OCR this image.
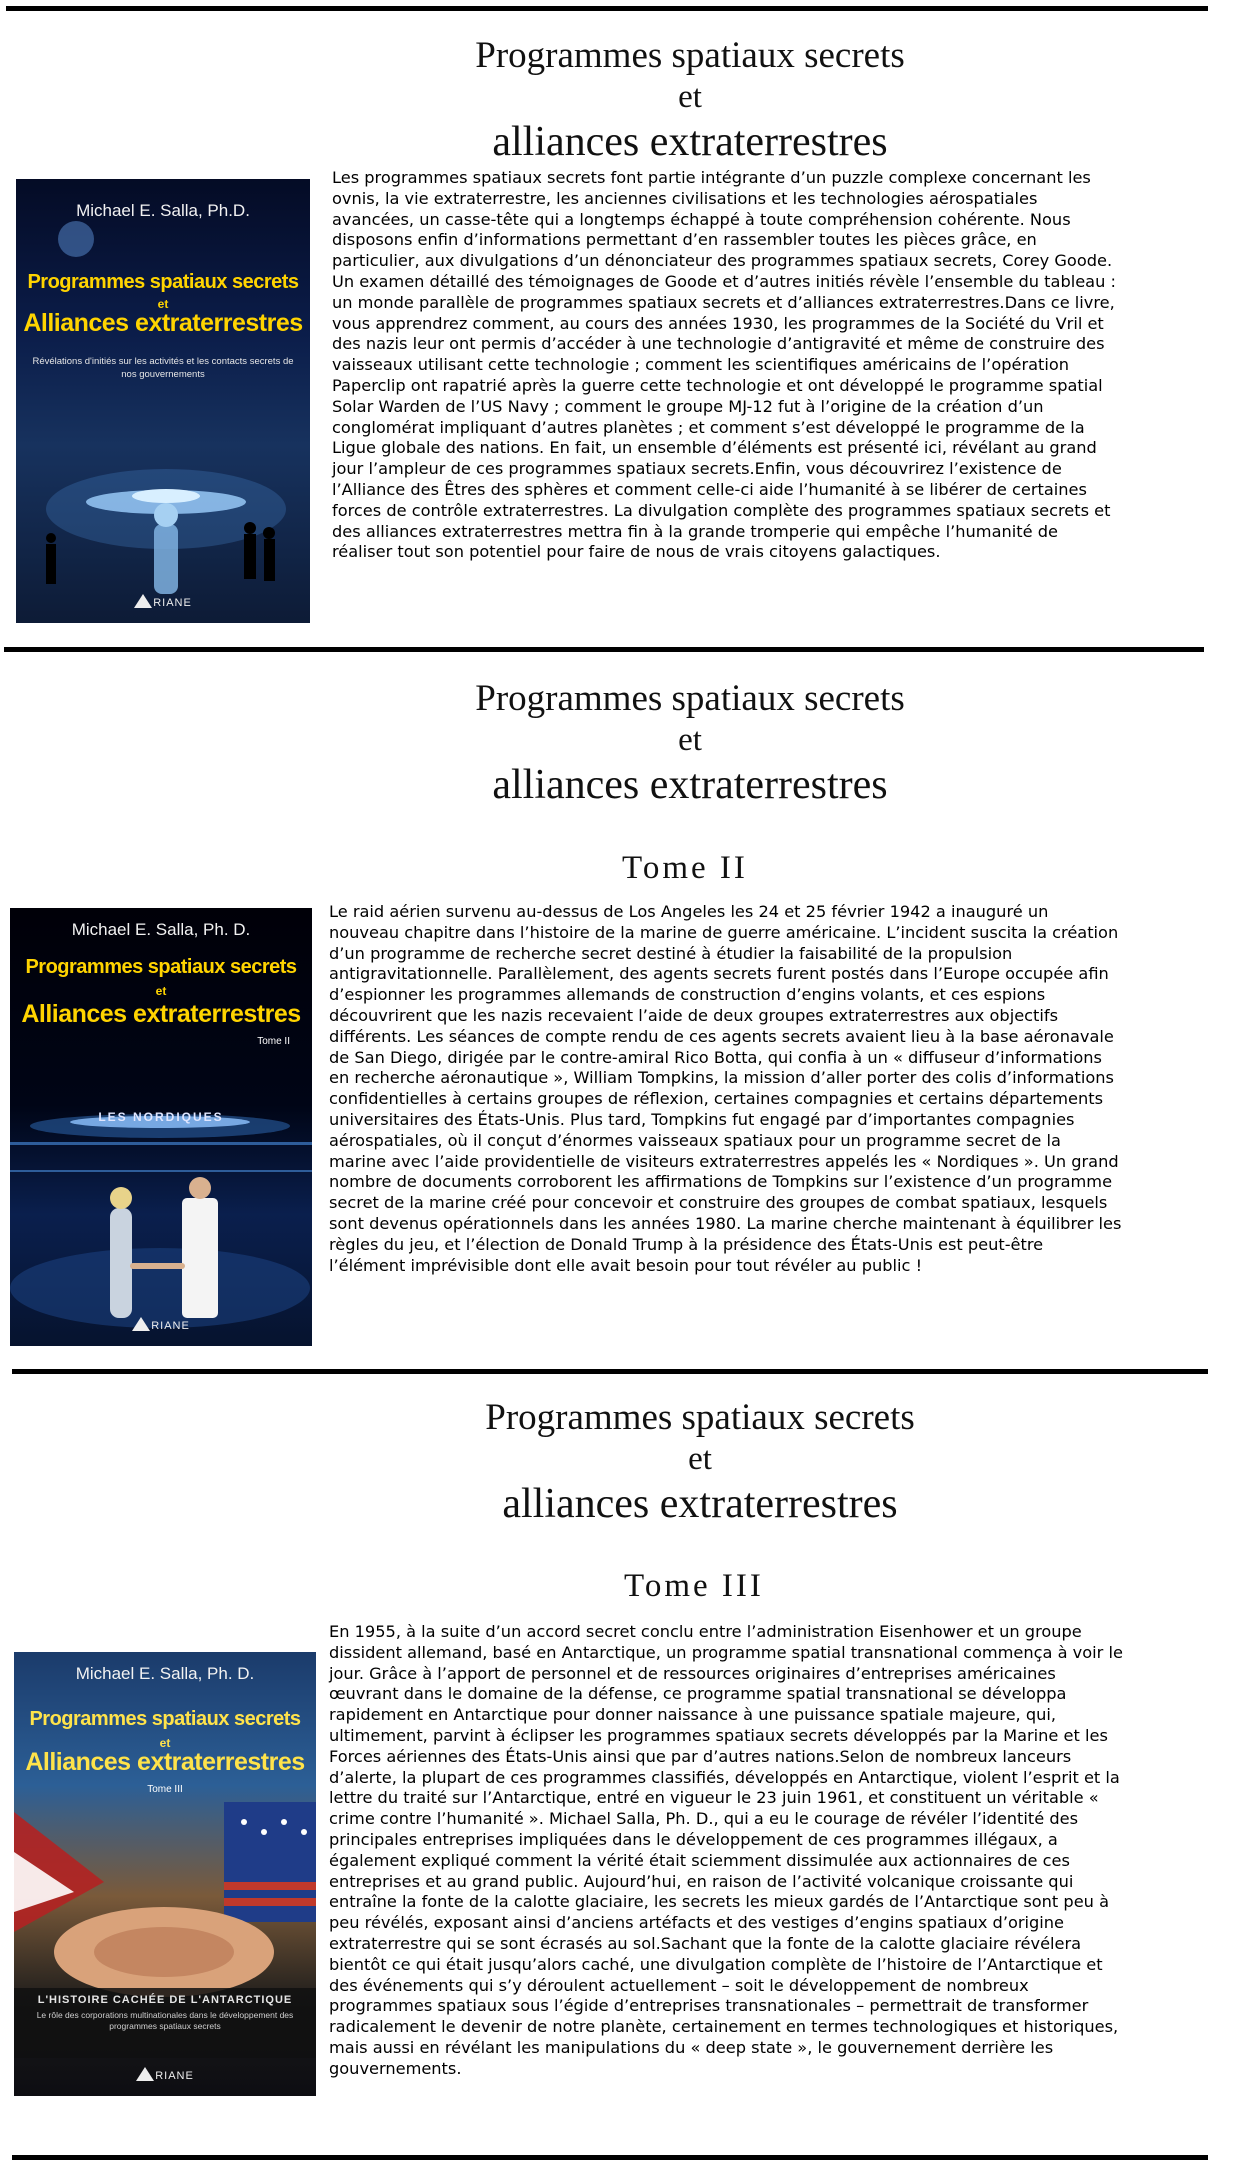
Programmes spatiaux secrets
et
alliances extraterrestres
Michael E. Salla, Ph.D.
Programmes spatiaux secrets
et
Alliances extraterrestres
Révélations d'initiés sur les activités et les contacts secrets de nos gouvernements
RIANE

Les programmes spatiaux secrets font partie intégrante d’un puzzle complexe concernant les ovnis, la vie extraterrestre, les anciennes civilisations et les technologies aérospatiales avancées, un casse-tête qui a longtemps échappé à toute compréhension cohérente. Nous disposons enfin d’informations permettant d’en rassembler toutes les pièces grâce, en particulier, aux divulgations d’un dénonciateur des programmes spatiaux secrets, Corey Goode. Un examen détaillé des témoignages de Goode et d’autres initiés révèle l’ensemble du tableau : un monde parallèle de programmes spatiaux secrets et d’alliances extraterrestres.Dans ce livre, vous apprendrez comment, au cours des années 1930, les programmes de la Société du Vril et des nazis leur ont permis d’accéder à une technologie d’antigravité et même de construire des vaisseaux utilisant cette technologie ; comment les scientifiques américains de l’opération Paperclip ont rapatrié après la guerre cette technologie et ont développé le programme spatial Solar Warden de l’US Navy ; comment le groupe MJ-12 fut à l’origine de la création d’un conglomérat impliquant d’autres planètes ; et comment s’est développé le programme de la Ligue globale des nations. En fait, un ensemble d’éléments est présenté ici, révélant au grand jour l’ampleur de ces programmes spatiaux secrets.Enfin, vous découvrirez l’existence de l’Alliance des Êtres des sphères et comment celle-ci aide l’humanité à se libérer de certaines forces de contrôle extraterrestres. La divulgation complète des programmes spatiaux secrets et des alliances extraterrestres mettra fin à la grande tromperie qui empêche l’humanité de réaliser tout son potentiel pour faire de nous de vrais citoyens galactiques.

Programmes spatiaux secrets
et
alliances extraterrestres
Tome II
Michael E. Salla, Ph. D.
Programmes spatiaux secrets
et
Alliances extraterrestres
Tome II
LES NORDIQUES
RIANE

Le raid aérien survenu au-dessus de Los Angeles les 24 et 25 février 1942 a inauguré un nouveau chapitre dans l’histoire de la marine de guerre américaine. L’incident suscita la création d’un programme de recherche secret destiné à étudier la faisabilité de la propulsion antigravitationnelle. Parallèlement, des agents secrets furent postés dans l’Europe occupée afin d’espionner les programmes allemands de construction d’engins volants, et ces espions découvrirent que les nazis recevaient l’aide de deux groupes extraterrestres aux objectifs différents. Les séances de compte rendu de ces agents secrets avaient lieu à la base aéronavale de San Diego, dirigée par le contre-amiral Rico Botta, qui confia à un « diffuseur d’informations en recherche aéronautique », William Tompkins, la mission d’aller porter des colis d’informations confidentielles à certains groupes de réflexion, certaines compagnies et certains départements universitaires des États-Unis. Plus tard, Tompkins fut engagé par d’importantes compagnies aérospatiales, où il conçut d’énormes vaisseaux spatiaux pour un programme secret de la marine avec l’aide providentielle de visiteurs extraterrestres appelés les « Nordiques ». Un grand nombre de documents corroborent les affirmations de Tompkins sur l’existence d’un programme secret de la marine créé pour concevoir et construire des groupes de combat spatiaux, lesquels sont devenus opérationnels dans les années 1980. La marine cherche maintenant à équilibrer les règles du jeu, et l’élection de Donald Trump à la présidence des États-Unis est peut-être l’élément imprévisible dont elle avait besoin pour tout révéler au public !

Programmes spatiaux secrets
et
alliances extraterrestres
Tome III
Michael E. Salla, Ph. D.
Programmes spatiaux secrets
et
Alliances extraterrestres
Tome III
L'HISTOIRE CACHÉE DE L'ANTARCTIQUE
Le rôle des corporations multinationales dans le développement des programmes spatiaux secrets
RIANE

En 1955, à la suite d’un accord secret conclu entre l’administration Eisenhower et un groupe dissident allemand, basé en Antarctique, un programme spatial transnational commença à voir le jour. Grâce à l’apport de personnel et de ressources originaires d’entreprises américaines œuvrant dans le domaine de la défense, ce programme spatial transnational se développa rapidement en Antarctique pour donner naissance à une puissance spatiale majeure, qui, ultimement, parvint à éclipser les programmes spatiaux secrets développés par la Marine et les Forces aériennes des États-Unis ainsi que par d’autres nations.Selon de nombreux lanceurs d’alerte, la plupart de ces programmes classifiés, développés en Antarctique, violent l’esprit et la lettre du traité sur l’Antarctique, entré en vigueur le 23 juin 1961, et constituent un véritable « crime contre l’humanité ». Michael Salla, Ph. D., qui a eu le courage de révéler l’identité des principales entreprises impliquées dans le développement de ces programmes illégaux, a également expliqué comment la vérité était sciemment dissimulée aux actionnaires de ces entreprises et au grand public. Aujourd’hui, en raison de l’activité volcanique croissante qui entraîne la fonte de la calotte glaciaire, les secrets les mieux gardés de l’Antarctique sont peu à peu révélés, exposant ainsi d’anciens artéfacts et des vestiges d’engins spatiaux d’origine extraterrestre qui se sont écrasés au sol.Sachant que la fonte de la calotte glaciaire révélera bientôt ce qui était jusqu’alors caché, une divulgation complète de l’histoire de l’Antarctique et des événements qui s’y déroulent actuellement – soit le développement de nombreux programmes spatiaux sous l’égide d’entreprises transnationales – permettrait de transformer radicalement le devenir de notre planète, certainement en termes technologiques et historiques, mais aussi en révélant les manipulations du « deep state », le gouvernement derrière les gouvernements.
